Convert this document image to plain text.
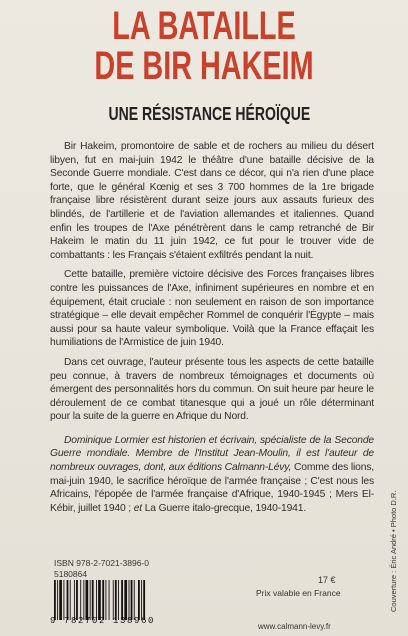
LA BATAILLE
DE BIR HAKEIM
UNE RÉSISTANCE HÉROÏQUE

Bir Hakeim, promontoire de sable et de rochers au milieu du désert libyen, fut en mai-juin 1942 le théâtre d'une bataille décisive de la Seconde Guerre mondiale. C'est dans ce décor, qui n'a rien d'une place forte, que le général Kœnig et ses 3 700 hommes de la 1re brigade française libre résistèrent durant seize jours aux assauts furieux des blindés, de l'artillerie et de l'aviation allemandes et italiennes. Quand enfin les troupes de l'Axe pénétrèrent dans le camp retranché de Bir Hakeim le matin du 11 juin 1942, ce fut pour le trouver vide de combattants : les Français s'étaient exfiltrés pendant la nuit.

Cette bataille, première victoire décisive des Forces françaises libres contre les puissances de l'Axe, infiniment supérieures en nombre et en équipement, était cruciale : non seulement en raison de son importance stratégique – elle devait empêcher Rommel de conquérir l'Égypte – mais aussi pour sa haute valeur symbolique. Voilà que la France effaçait les humiliations de l'Armistice de juin 1940.

Dans cet ouvrage, l'auteur présente tous les aspects de cette bataille peu connue, à travers de nombreux témoignages et documents où émergent des personnalités hors du commun. On suit heure par heure le déroulement de ce combat titanesque qui a joué un rôle déterminant pour la suite de la guerre en Afrique du Nord.

Dominique Lormier est historien et écrivain, spécialiste de la Seconde Guerre mondiale. Membre de l'Institut Jean-Moulin, il est l'auteur de nombreux ouvrages, dont, aux éditions Calmann-Lévy, Comme des lions, mai-juin 1940, le sacrifice héroïque de l'armée française ; C'est nous les Africains, l'épopée de l'armée française d'Afrique, 1940-1945 ; Mers El-Kébir, juillet 1940 ; et La Guerre italo-grecque, 1940-1941.

ISBN 978-2-7021-3896-0
5180864
9 782702 138960
17 €
Prix valable en France
www.calmann-levy.fr
Couverture : Éric André • Photo D.R.
